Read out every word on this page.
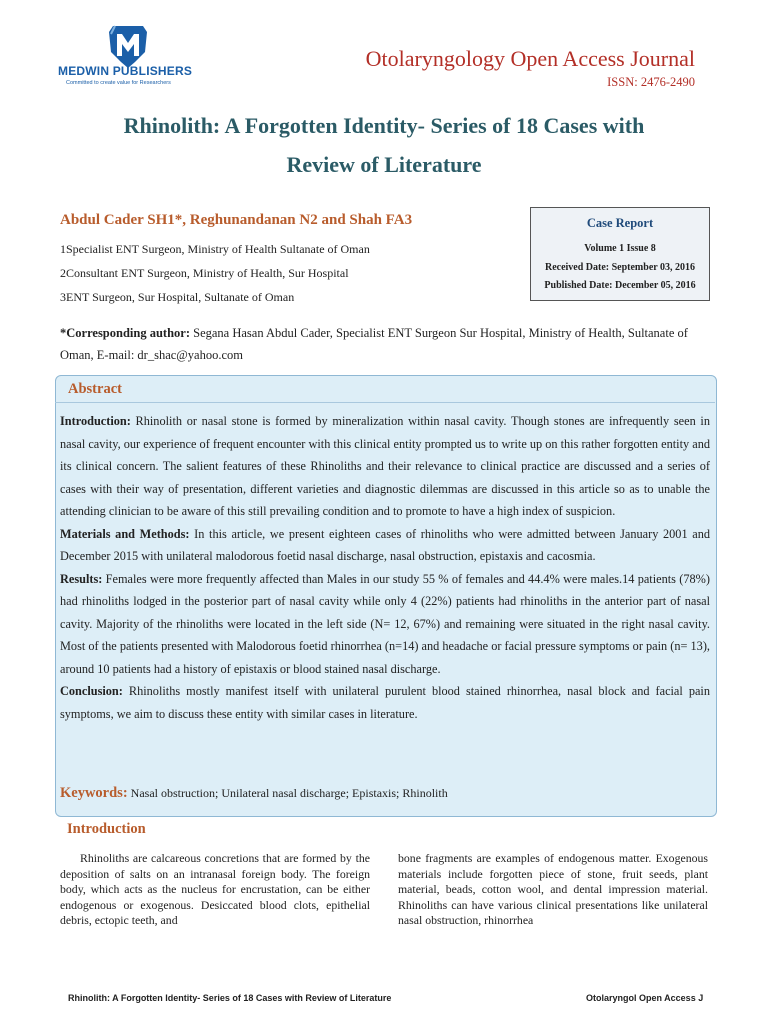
MEDWIN PUBLISHERS
Committed to create value for Researchers
Otolaryngology Open Access Journal
ISSN: 2476-2490
Rhinolith: A Forgotten Identity- Series of 18 Cases with
Review of Literature
Abdul Cader SH1*, Reghunandanan N2 and Shah FA3
1Specialist ENT Surgeon, Ministry of Health Sultanate of Oman
2Consultant ENT Surgeon, Ministry of Health, Sur Hospital
3ENT Surgeon, Sur Hospital, Sultanate of Oman
Case Report
Volume 1 Issue 8
Received Date: September 03, 2016
Published Date: December 05, 2016
*Corresponding author: Segana Hasan Abdul Cader, Specialist ENT Surgeon Sur Hospital, Ministry of Health, Sultanate of Oman, E-mail: dr_shac@yahoo.com
Abstract

Introduction: Rhinolith or nasal stone is formed by mineralization within nasal cavity. Though stones are infrequently seen in nasal cavity, our experience of frequent encounter with this clinical entity prompted us to write up on this rather forgotten entity and its clinical concern. The salient features of these Rhinoliths and their relevance to clinical practice are discussed and a series of cases with their way of presentation, different varieties and diagnostic dilemmas are discussed in this article so as to unable the attending clinician to be aware of this still prevailing condition and to promote to have a high index of suspicion.

Materials and Methods: In this article, we present eighteen cases of rhinoliths who were admitted between January 2001 and December 2015 with unilateral malodorous foetid nasal discharge, nasal obstruction, epistaxis and cacosmia.

Results: Females were more frequently affected than Males in our study 55 % of females and 44.4% were males.14 patients (78%) had rhinoliths lodged in the posterior part of nasal cavity while only 4 (22%) patients had rhinoliths in the anterior part of nasal cavity. Majority of the rhinoliths were located in the left side (N= 12, 67%) and remaining were situated in the right nasal cavity. Most of the patients presented with Malodorous foetid rhinorrhea (n=14) and headache or facial pressure symptoms or pain (n= 13), around 10 patients had a history of epistaxis or blood stained nasal discharge.

Conclusion: Rhinoliths mostly manifest itself with unilateral purulent blood stained rhinorrhea, nasal block and facial pain symptoms, we aim to discuss these entity with similar cases in literature.

Keywords: Nasal obstruction; Unilateral nasal discharge; Epistaxis; Rhinolith
Introduction
Rhinoliths are calcareous concretions that are formed by the deposition of salts on an intranasal foreign body. The foreign body, which acts as the nucleus for encrustation, can be either endogenous or exogenous. Desiccated blood clots, epithelial debris, ectopic teeth, and
bone fragments are examples of endogenous matter. Exogenous materials include forgotten piece of stone, fruit seeds, plant material, beads, cotton wool, and dental impression material. Rhinoliths can have various clinical presentations like unilateral nasal obstruction, rhinorrhea
Rhinolith: A Forgotten Identity- Series of 18 Cases with Review of Literature	Otolaryngol Open Access J
